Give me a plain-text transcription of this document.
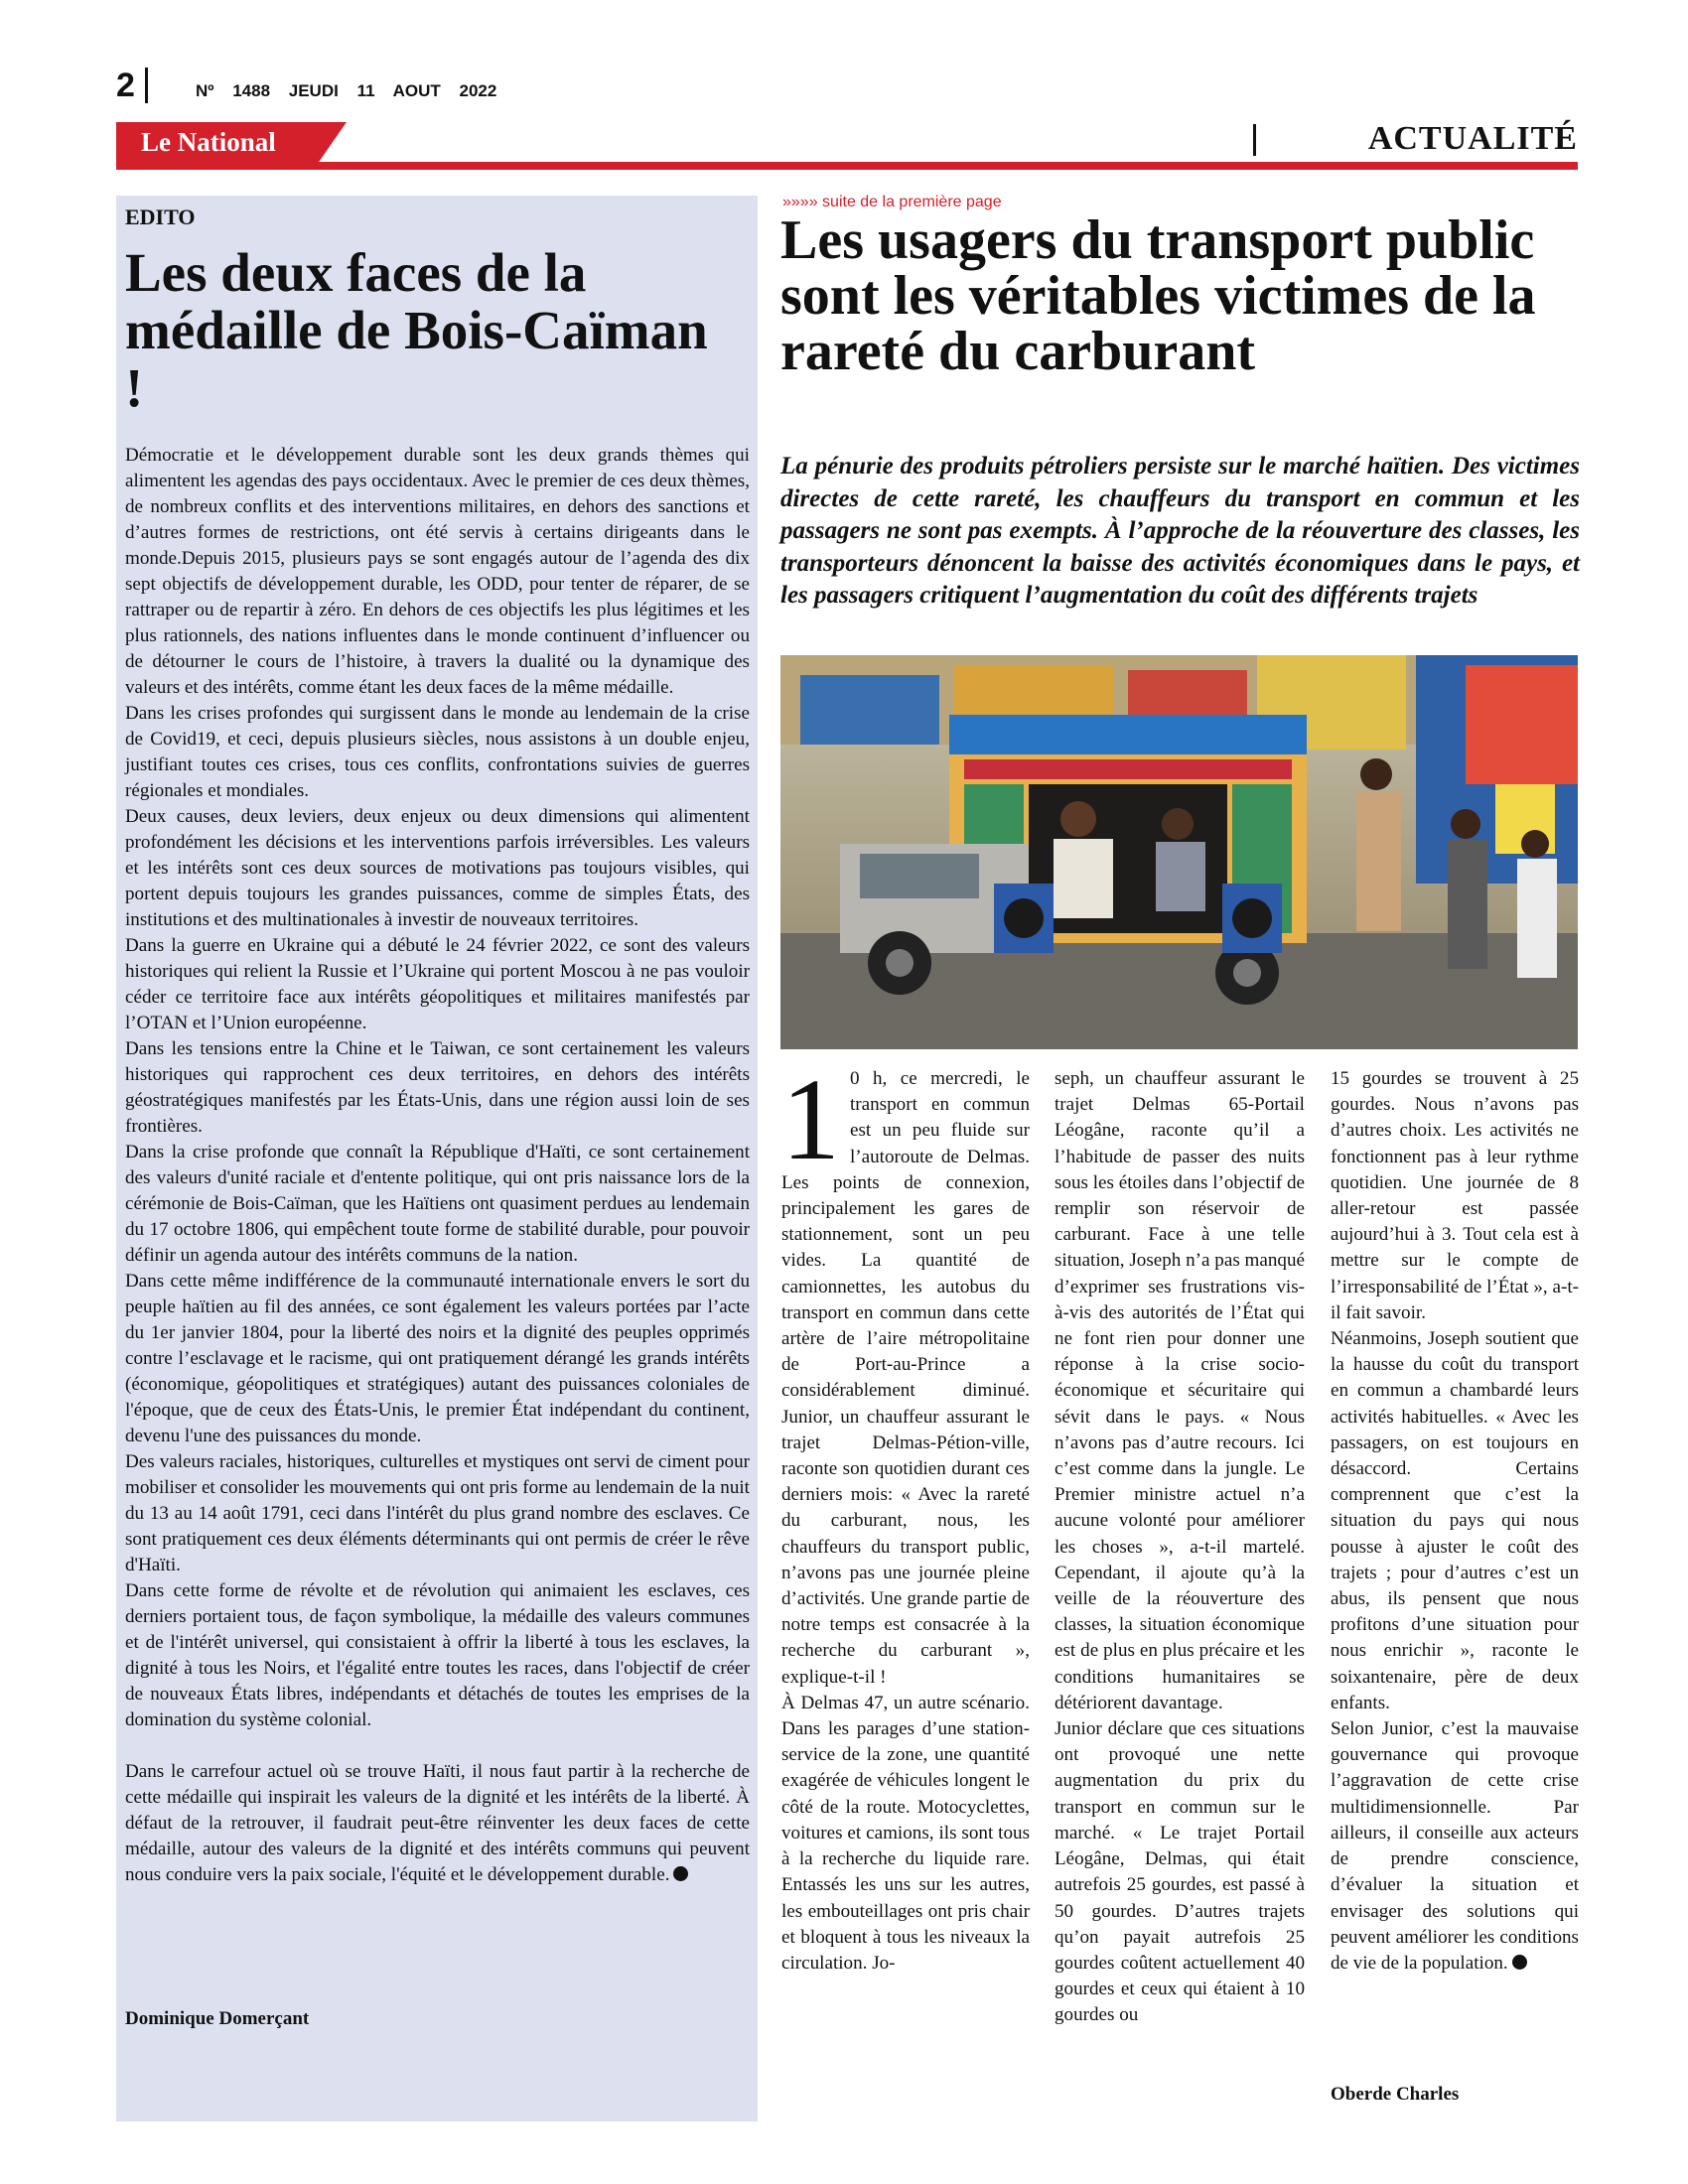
2	Nº 1488 JEUDI 11 AOUT 2022
Le National	ACTUALITÉ
EDITO
Les deux faces de la médaille de Bois-Caïman !

Démocratie et le développement durable sont les deux grands thèmes qui alimentent les agendas des pays occidentaux. Avec le premier de ces deux thèmes, de nombreux conflits et des interventions militaires, en dehors des sanctions et d’autres formes de restrictions, ont été servis à certains dirigeants dans le monde.Depuis 2015, plusieurs pays se sont engagés autour de l’agenda des dix sept objectifs de développement durable, les ODD, pour tenter de réparer, de se rattraper ou de repartir à zéro. En dehors de ces objectifs les plus légitimes et les plus rationnels, des nations influentes dans le monde continuent d’influencer ou de détourner le cours de l’histoire, à travers la dualité ou la dynamique des valeurs et des intérêts, comme étant les deux faces de la même médaille.

Dans les crises profondes qui surgissent dans le monde au lendemain de la crise de Covid19, et ceci, depuis plusieurs siècles, nous assistons à un double enjeu, justifiant toutes ces crises, tous ces conflits, confrontations suivies de guerres régionales et mondiales.

Deux causes, deux leviers, deux enjeux ou deux dimensions qui alimentent profondément les décisions et les interventions parfois irréversibles. Les valeurs et les intérêts sont ces deux sources de motivations pas toujours visibles, qui portent depuis toujours les grandes puissances, comme de simples États, des institutions et des multinationales à investir de nouveaux territoires.

Dans la guerre en Ukraine qui a débuté le 24 février 2022, ce sont des valeurs historiques qui relient la Russie et l’Ukraine qui portent Moscou à ne pas vouloir céder ce territoire face aux intérêts géopolitiques et militaires manifestés par l’OTAN et l’Union européenne.

Dans les tensions entre la Chine et le Taiwan, ce sont certainement les valeurs historiques qui rapprochent ces deux territoires, en dehors des intérêts géostratégiques manifestés par les États-Unis, dans une région aussi loin de ses frontières.

Dans la crise profonde que connaît la République d'Haïti, ce sont certainement des valeurs d'unité raciale et d'entente politique, qui ont pris naissance lors de la cérémonie de Bois-Caïman, que les Haïtiens ont quasiment perdues au lendemain du 17 octobre 1806, qui empêchent toute forme de stabilité durable, pour pouvoir définir un agenda autour des intérêts communs de la nation.

Dans cette même indifférence de la communauté internationale envers le sort du peuple haïtien au fil des années, ce sont également les valeurs portées par l’acte du 1er janvier 1804, pour la liberté des noirs et la dignité des peuples opprimés contre l’esclavage et le racisme, qui ont pratiquement dérangé les grands intérêts (économique, géopolitiques et stratégiques) autant des puissances coloniales de l'époque, que de ceux des États-Unis, le premier État indépendant du continent, devenu l'une des puissances du monde.

Des valeurs raciales, historiques, culturelles et mystiques ont servi de ciment pour mobiliser et consolider les mouvements qui ont pris forme au lendemain de la nuit du 13 au 14 août 1791, ceci dans l'intérêt du plus grand nombre des esclaves. Ce sont pratiquement ces deux éléments déterminants qui ont permis de créer le rêve d'Haïti.

Dans cette forme de révolte et de révolution qui animaient les esclaves, ces derniers portaient tous, de façon symbolique, la médaille des valeurs communes et de l'intérêt universel, qui consistaient à offrir la liberté à tous les esclaves, la dignité à tous les Noirs, et l'égalité entre toutes les races, dans l'objectif de créer de nouveaux États libres, indépendants et détachés de toutes les emprises de la domination du système colonial.

Dans le carrefour actuel où se trouve Haïti, il nous faut partir à la recherche de cette médaille qui inspirait les valeurs de la dignité et les intérêts de la liberté. À défaut de la retrouver, il faudrait peut-être réinventer les deux faces de cette médaille, autour des valeurs de la dignité et des intérêts communs qui peuvent nous conduire vers la paix sociale, l'équité et le développement durable.

Dominique Domerçant
»»»» suite de la première page
Les usagers du transport public sont les véritables victimes de la rareté du carburant
La pénurie des produits pétroliers persiste sur le marché haïtien. Des victimes directes de cette rareté, les chauffeurs du transport en commun et les passagers ne sont pas exempts. À l’approche de la réouverture des classes, les transporteurs dénoncent la baisse des activités économiques dans le pays, et les passagers critiquent l’augmentation du coût des différents trajets

1 0 h, ce mercredi, le transport en commun est un peu fluide sur l’autoroute de Delmas. Les points de connexion, principalement les gares de stationnement, sont un peu vides. La quantité de camionnettes, les autobus du transport en commun dans cette artère de l’aire métropolitaine de Port-au-Prince a considérablement diminué. Junior, un chauffeur assurant le trajet Delmas-Pétion-ville, raconte son quotidien durant ces derniers mois: « Avec la rareté du carburant, nous, les chauffeurs du transport public, n’avons pas une journée pleine d’activités. Une grande partie de notre temps est consacrée à la recherche du carburant », explique-t-il !

À Delmas 47, un autre scénario. Dans les parages d’une station-service de la zone, une quantité exagérée de véhicules longent le côté de la route. Motocyclettes, voitures et camions, ils sont tous à la recherche du liquide rare. Entassés les uns sur les autres, les embouteillages ont pris chair et bloquent à tous les niveaux la circulation. Jo-

seph, un chauffeur assurant le trajet Delmas 65-Portail Léogâne, raconte qu’il a l’habitude de passer des nuits sous les étoiles dans l’objectif de remplir son réservoir de carburant. Face à une telle situation, Joseph n’a pas manqué d’exprimer ses frustrations vis-à-vis des autorités de l’État qui ne font rien pour donner une réponse à la crise socio-économique et sécuritaire qui sévit dans le pays. « Nous n’avons pas d’autre recours. Ici c’est comme dans la jungle. Le Premier ministre actuel n’a aucune volonté pour améliorer les choses », a-t-il martelé. Cependant, il ajoute qu’à la veille de la réouverture des classes, la situation économique est de plus en plus précaire et les conditions humanitaires se détériorent davantage.

Junior déclare que ces situations ont provoqué une nette augmentation du prix du transport en commun sur le marché. « Le trajet Portail Léogâne, Delmas, qui était autrefois 25 gourdes, est passé à 50 gourdes. D’autres trajets qu’on payait autrefois 25 gourdes coûtent actuellement 40 gourdes et ceux qui étaient à 10 gourdes ou

15 gourdes se trouvent à 25 gourdes. Nous n’avons pas d’autres choix. Les activités ne fonctionnent pas à leur rythme quotidien. Une journée de 8 aller-retour est passée aujourd’hui à 3. Tout cela est à mettre sur le compte de l’irresponsabilité de l’État », a-t-il fait savoir.

Néanmoins, Joseph soutient que la hausse du coût du transport en commun a chambardé leurs activités habituelles. « Avec les passagers, on est toujours en désaccord. Certains comprennent que c’est la situation du pays qui nous pousse à ajuster le coût des trajets ; pour d’autres c’est un abus, ils pensent que nous profitons d’une situation pour nous enrichir », raconte le soixantenaire, père de deux enfants.

Selon Junior, c’est la mauvaise gouvernance qui provoque l’aggravation de cette crise multidimensionnelle. Par ailleurs, il conseille aux acteurs de prendre conscience, d’évaluer la situation et envisager des solutions qui peuvent améliorer les conditions de vie de la population.

Oberde Charles
